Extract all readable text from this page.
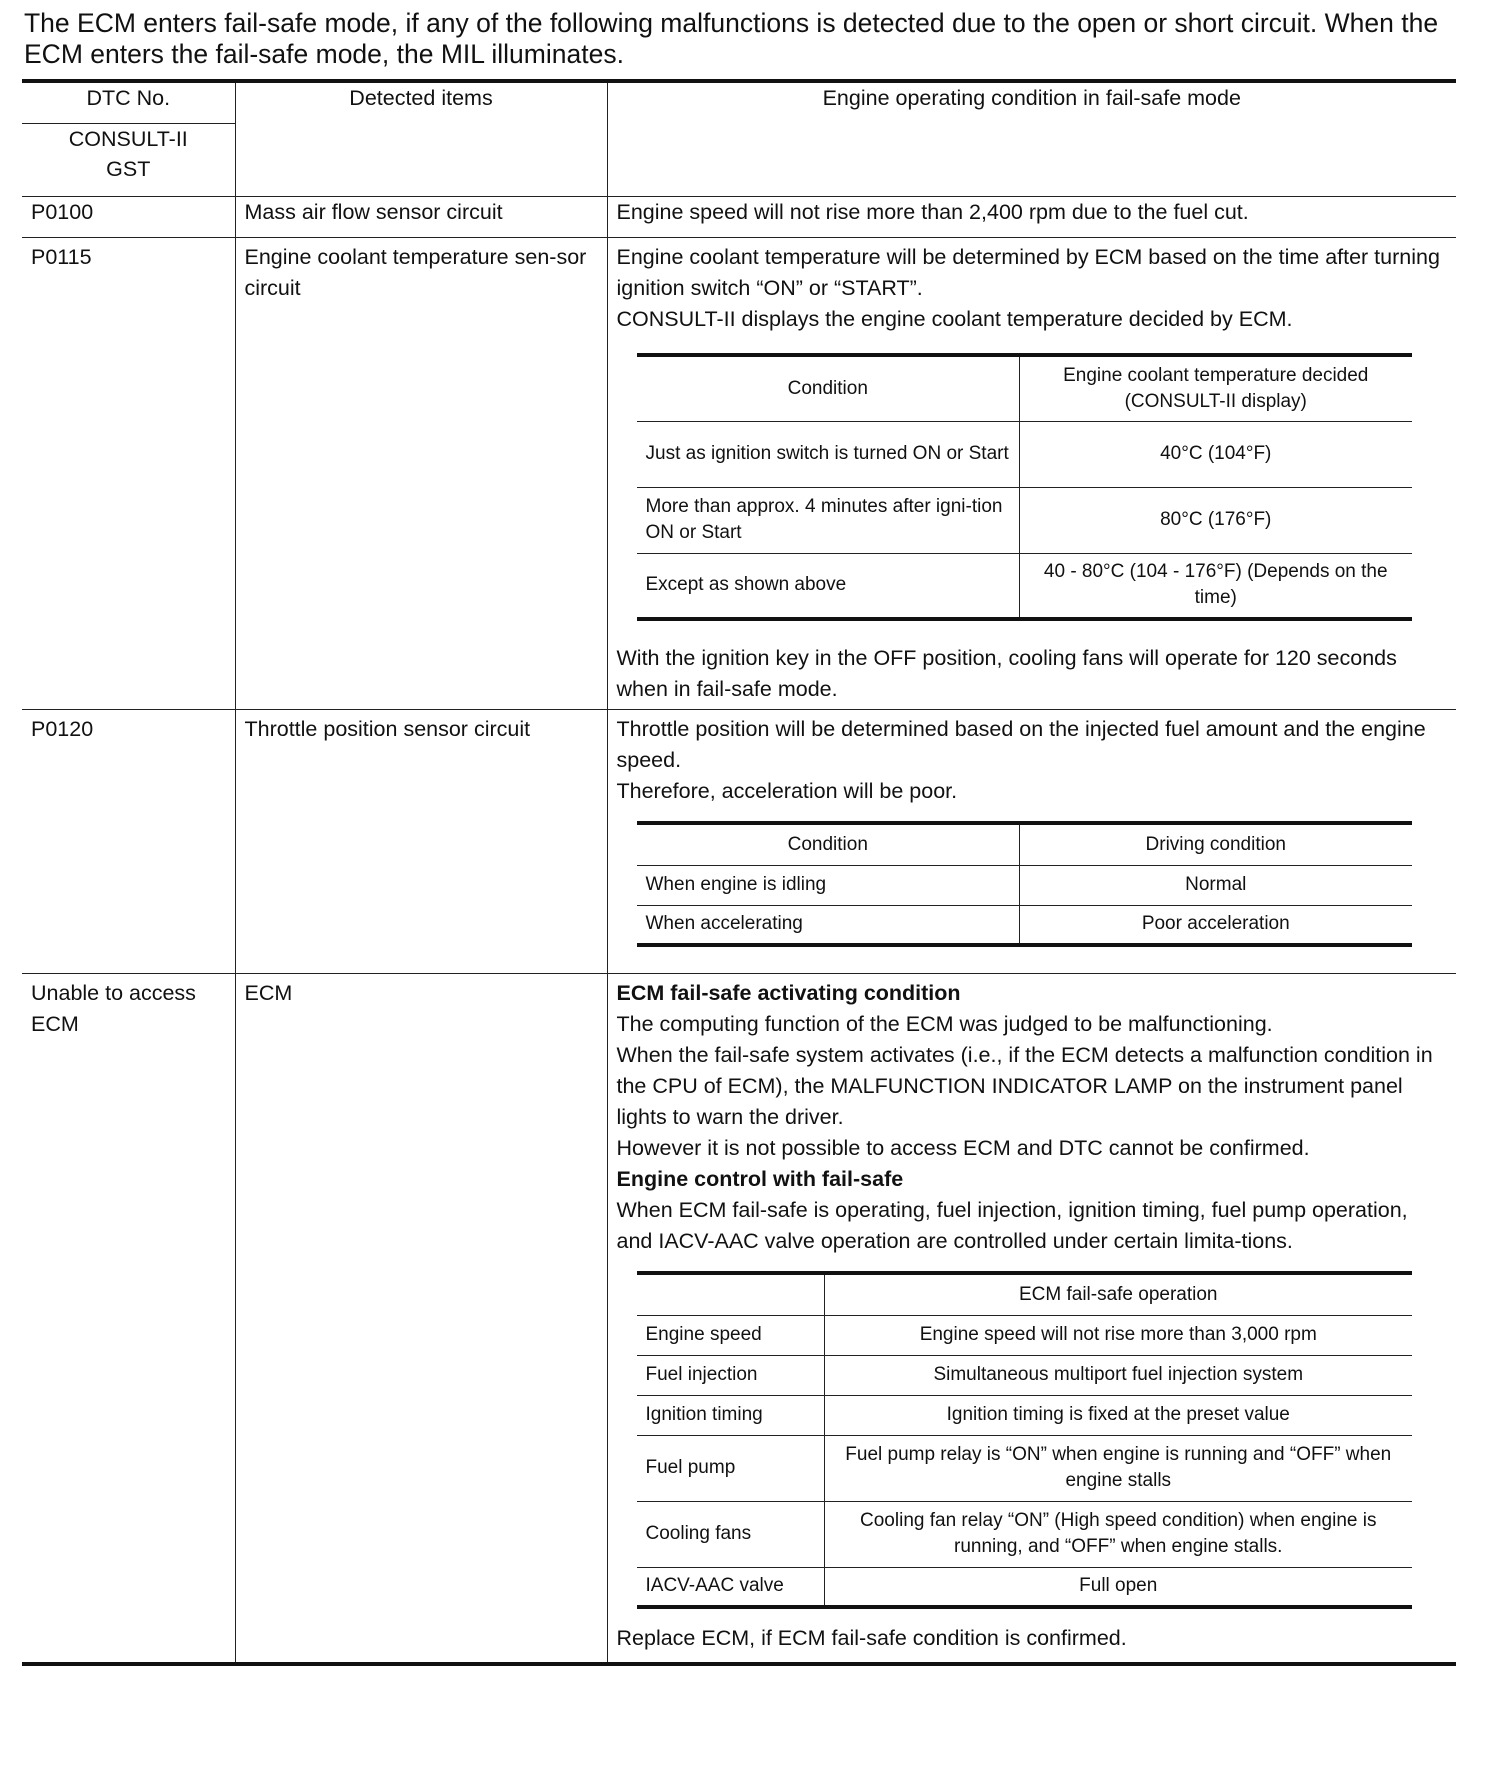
The ECM enters fail-safe mode, if any of the following malfunctions is detected due to the open or short circuit. When the ECM enters the fail-safe mode, the MIL illuminates.

DTC No.	Detected items	Engine operating condition in fail-safe mode

CONSULT-II
GST

P0100	Mass air flow sensor circuit	Engine speed will not rise more than 2,400 rpm due to the fuel cut.
P0115	Engine coolant temperature sen-sor circuit	

Engine coolant temperature will be determined by ECM based on the time after turning ignition switch “ON” or “START”.

CONSULT-II displays the engine coolant temperature decided by ECM.

Condition	Engine coolant temperature decided (CONSULT-II display)
Just as ignition switch is turned ON or Start	40°C (104°F)
More than approx. 4 minutes after igni-tion ON or Start	80°C (176°F)
Except as shown above	40 - 80°C (104 - 176°F) (Depends on the time)

With the ignition key in the OFF position, cooling fans will operate for 120 seconds when in fail-safe mode.

P0120	Throttle position sensor circuit	Throttle position will be determined based on the injected fuel amount and the engine speed.

Therefore, acceleration will be poor.

Condition	Driving condition
When engine is idling	Normal
When accelerating	Poor acceleration

Unable to access ECM	ECM	ECM fail-safe activating condition

The computing function of the ECM was judged to be malfunctioning.

When the fail-safe system activates (i.e., if the ECM detects a malfunction condition in the CPU of ECM), the MALFUNCTION INDICATOR LAMP on the instrument panel lights to warn the driver.

However it is not possible to access ECM and DTC cannot be confirmed.

Engine control with fail-safe

When ECM fail-safe is operating, fuel injection, ignition timing, fuel pump operation, and IACV-AAC valve operation are controlled under certain limita-tions.

	ECM fail-safe operation
Engine speed	Engine speed will not rise more than 3,000 rpm
Fuel injection	Simultaneous multiport fuel injection system
Ignition timing	Ignition timing is fixed at the preset value
Fuel pump	Fuel pump relay is “ON” when engine is running and “OFF” when engine stalls
Cooling fans	Cooling fan relay “ON” (High speed condition) when engine is running, and “OFF” when engine stalls.
IACV-AAC valve	Full open

Replace ECM, if ECM fail-safe condition is confirmed.
